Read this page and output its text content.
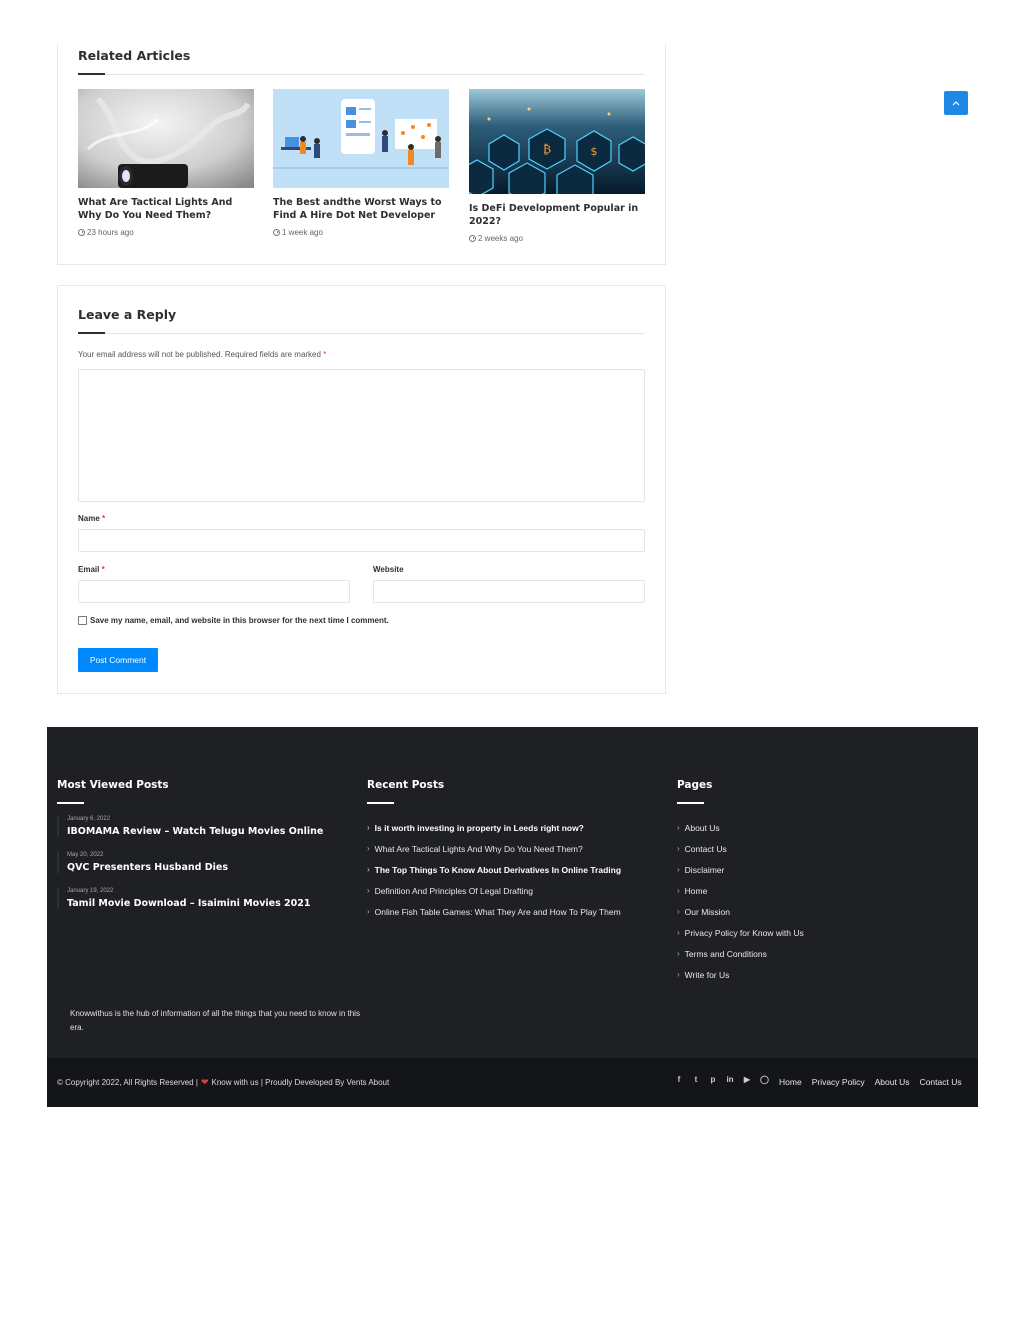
Related Articles
What Are Tactical Lights And Why Do You Need Them?
23 hours ago
The Best andthe Worst Ways to Find A Hire Dot Net Developer
1 week ago
₿	$
Is DeFi Development Popular in 2022?
2 weeks ago
Leave a Reply
Your email address will not be published. Required fields are marked *
Name *
Email *	Website
Save my name, email, and website in this browser for the next time I comment.
Post Comment
Most Viewed Posts
January 6, 2022
IBOMAMA Review – Watch Telugu Movies Online
May 20, 2022
QVC Presenters Husband Dies
January 19, 2022
Tamil Movie Download – Isaimini Movies 2021
Recent Posts
› Is it worth investing in property in Leeds right now?
› What Are Tactical Lights And Why Do You Need Them?
› The Top Things To Know About Derivatives In Online Trading
› Definition And Principles Of Legal Drafting
› Online Fish Table Games: What They Are and How To Play Them
Pages
› About Us
› Contact Us
› Disclaimer
› Home
› Our Mission
› Privacy Policy for Know with Us
› Terms and Conditions
› Write for Us
Knowwithus is the hub of information of all the things that you need to know in this era.
© Copyright 2022, All Rights Reserved | ❤ Know with us | Proudly Developed By Vents About	f	t	p in ▶ ◯ Home Privacy Policy About Us Contact Us
